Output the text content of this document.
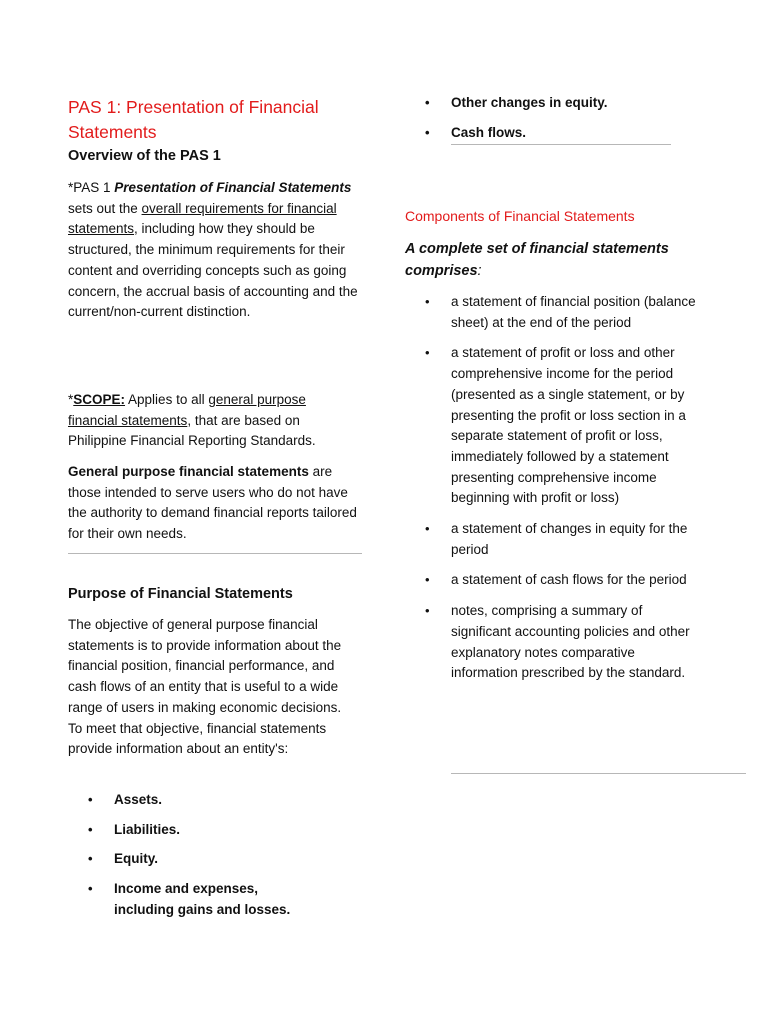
PAS 1: Presentation of Financial Statements
Overview of the PAS 1

*PAS 1 Presentation of Financial Statements sets out the overall requirements for financial statements, including how they should be structured, the minimum requirements for their content and overriding concepts such as going concern, the accrual basis of accounting and the current/non-current distinction.

*SCOPE: Applies to all general purpose financial statements, that are based on Philippine Financial Reporting Standards.

General purpose financial statements are those intended to serve users who do not have the authority to demand financial reports tailored for their own needs.

Purpose of Financial Statements

The objective of general purpose financial statements is to provide information about the financial position, financial performance, and cash flows of an entity that is useful to a wide range of users in making economic decisions. To meet that objective, financial statements provide information about an entity's:

• Assets.
• Liabilities.
• Equity.
• Income and expenses, including gains and losses.
• Other changes in equity.
• Cash flows.
Components of Financial Statements

A complete set of financial statements comprises:

• a statement of financial position (balance sheet) at the end of the period
• a statement of profit or loss and other comprehensive income for the period (presented as a single statement, or by presenting the profit or loss section in a separate statement of profit or loss, immediately followed by a statement presenting comprehensive income beginning with profit or loss)
• a statement of changes in equity for the period
• a statement of cash flows for the period
• notes, comprising a summary of significant accounting policies and other explanatory notes comparative information prescribed by the standard.
